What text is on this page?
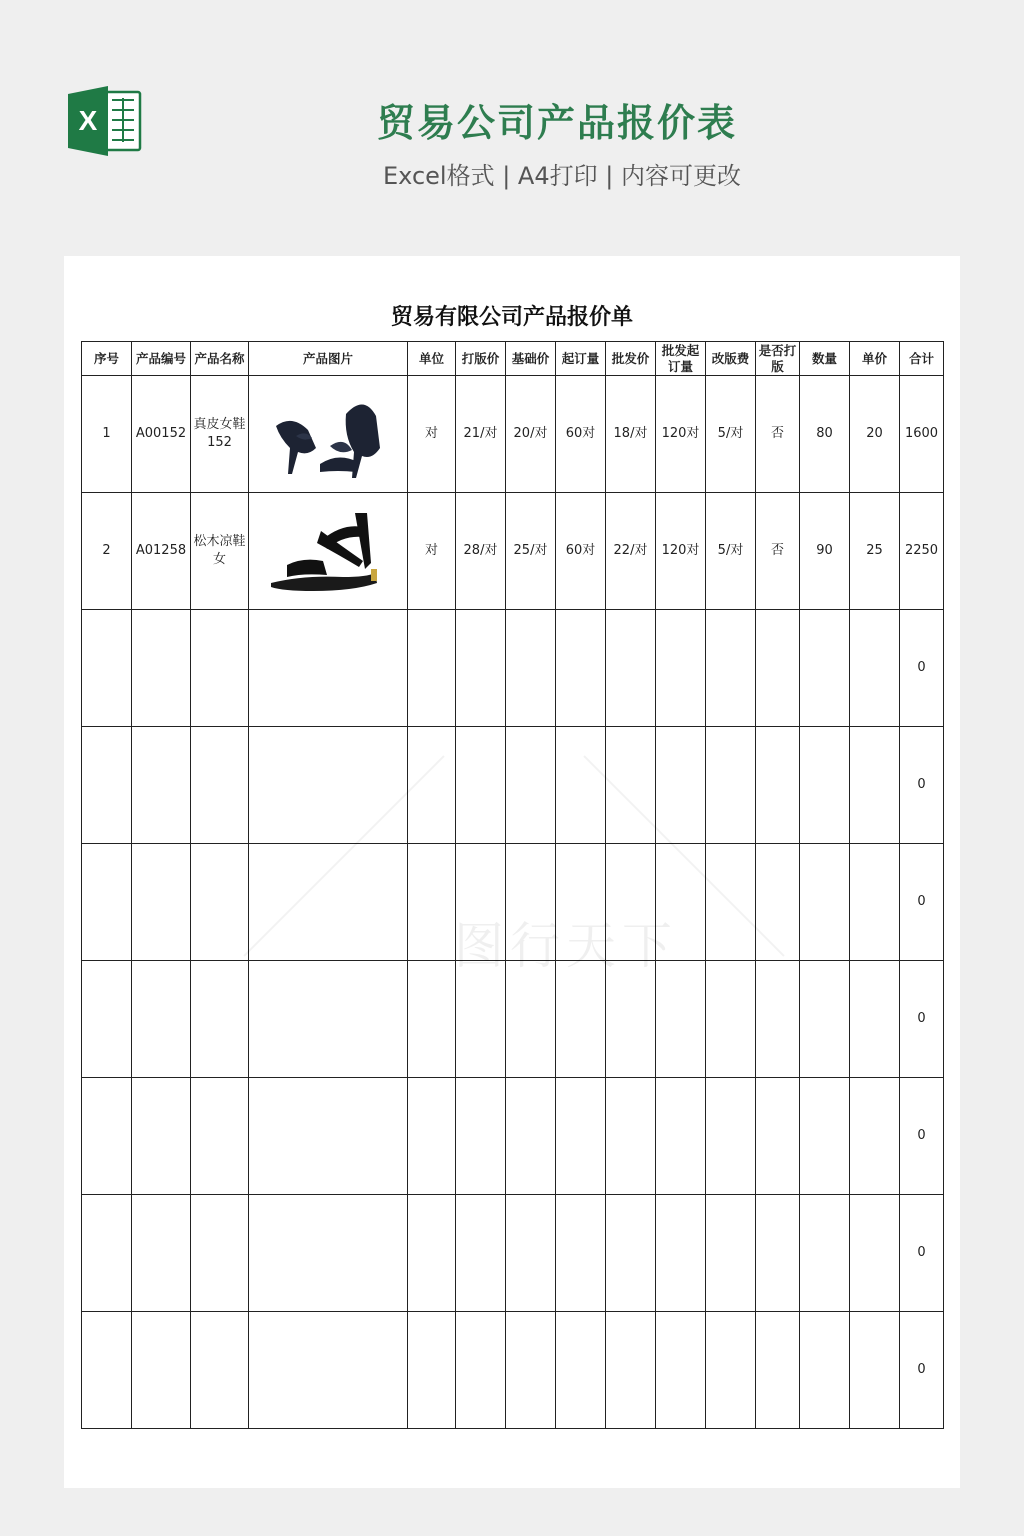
X	贸易公司产品报价表
Excel格式 | A4打印 | 内容可更改
贸易有限公司产品报价单
序号	产品编号	产品名称	产品图片	单位	打版价	基础价	起订量	批发价	批发起订量	改版费	是否打版	数量	单价	合计
1	A00152	真皮女鞋152		对	21/对	20/对	60对	18/对	120对	5/对	否	80	20	1600
2	A01258	松木凉鞋女		对	28/对	25/对	60对	22/对	120对	5/对	否	90	25	2250
														0
														0
														0
														0
														0
														0
														0
图行天下
